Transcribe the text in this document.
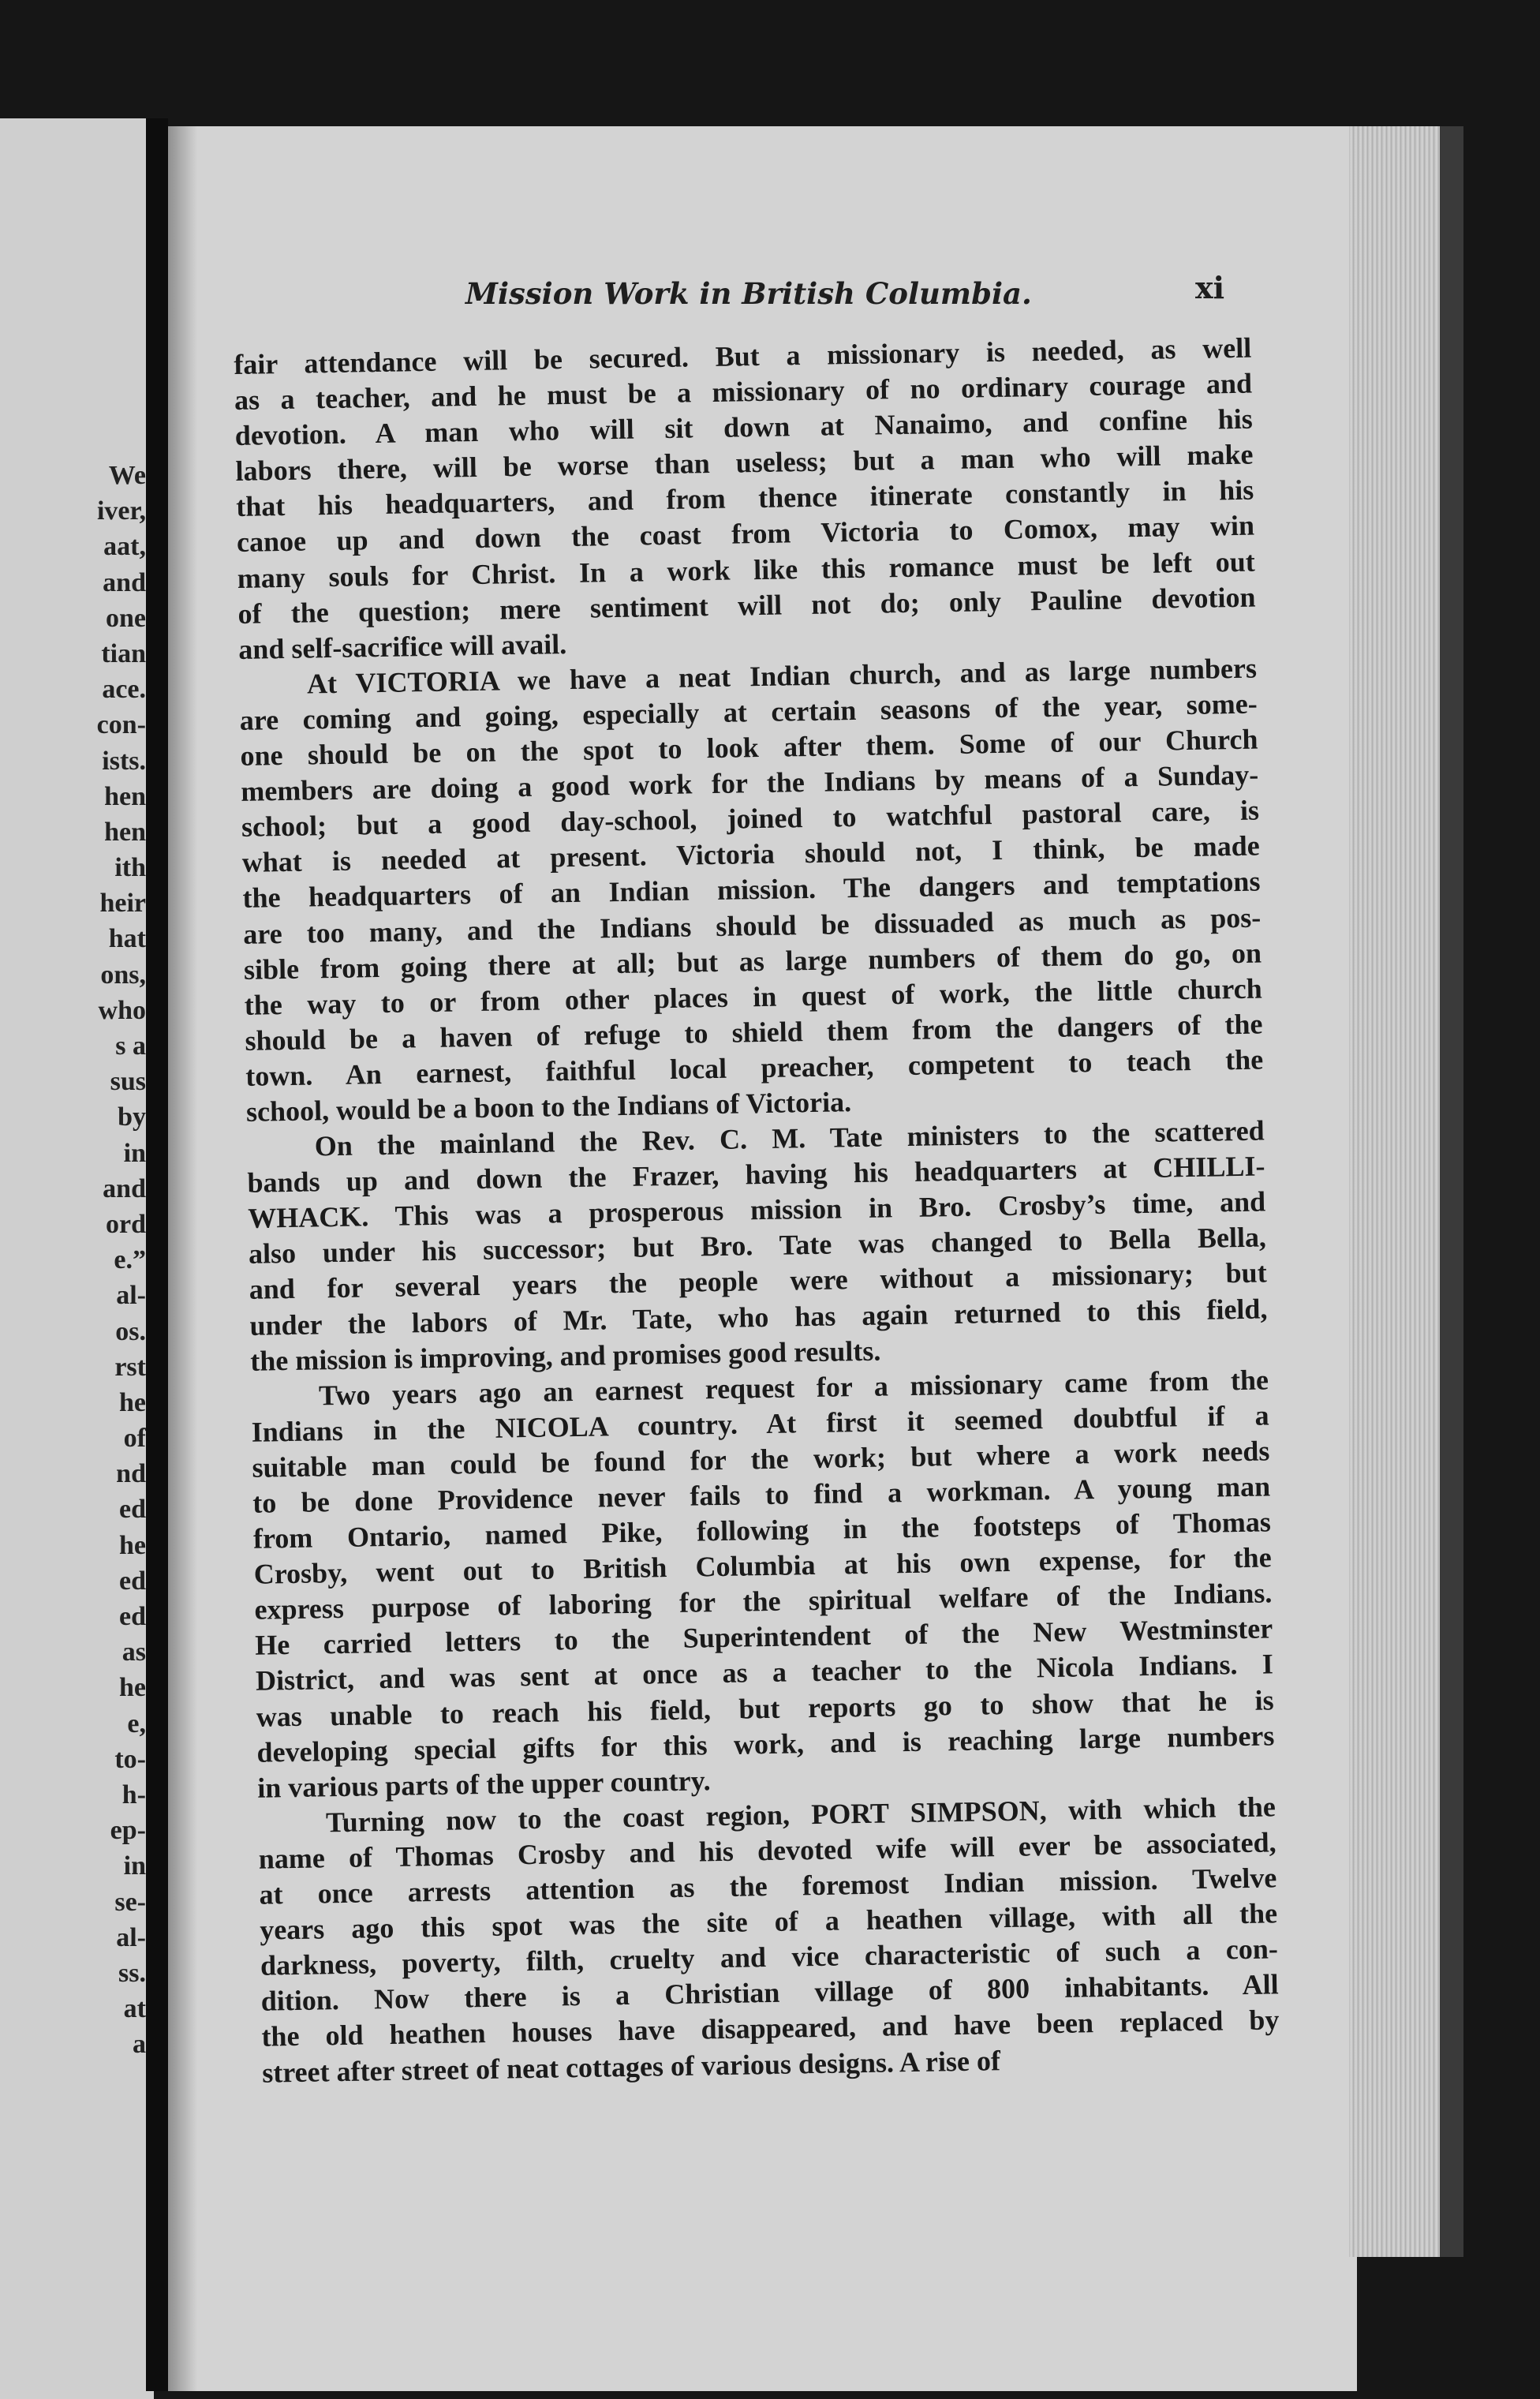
We
iver,
aat,
and
one
tian
ace.
con-
ists.
hen
hen
ith
heir
hat
ons,
who
s a
sus
by
in
and
ord
e.”
al-
os.
rst
he
of
nd
ed
he
ed
ed
as
he
e,
to-
h-
ep-
in
se-
al-
ss.
at
a
Mission Work in British Columbia.	xi
fair attendance will be secured. But a missionary is needed, as well
as a teacher, and he must be a missionary of no ordinary courage and
devotion. A man who will sit down at Nanaimo, and confine his
labors there, will be worse than useless; but a man who will make
that his headquarters, and from thence itinerate constantly in his
canoe up and down the coast from Victoria to Comox, may win
many souls for Christ. In a work like this romance must be left out
of the question; mere sentiment will not do; only Pauline devotion
and self-sacrifice will avail.
At VICTORIA we have a neat Indian church, and as large numbers
are coming and going, especially at certain seasons of the year, some-
one should be on the spot to look after them. Some of our Church
members are doing a good work for the Indians by means of a Sunday-
school; but a good day-school, joined to watchful pastoral care, is
what is needed at present. Victoria should not, I think, be made
the headquarters of an Indian mission. The dangers and temptations
are too many, and the Indians should be dissuaded as much as pos-
sible from going there at all; but as large numbers of them do go, on
the way to or from other places in quest of work, the little church
should be a haven of refuge to shield them from the dangers of the
town. An earnest, faithful local preacher, competent to teach the
school, would be a boon to the Indians of Victoria.
On the mainland the Rev. C. M. Tate ministers to the scattered
bands up and down the Frazer, having his headquarters at CHILLI-
WHACK. This was a prosperous mission in Bro. Crosby’s time, and
also under his successor; but Bro. Tate was changed to Bella Bella,
and for several years the people were without a missionary; but
under the labors of Mr. Tate, who has again returned to this field,
the mission is improving, and promises good results.
Two years ago an earnest request for a missionary came from the
Indians in the NICOLA country. At first it seemed doubtful if a
suitable man could be found for the work; but where a work needs
to be done Providence never fails to find a workman. A young man
from Ontario, named Pike, following in the footsteps of Thomas
Crosby, went out to British Columbia at his own expense, for the
express purpose of laboring for the spiritual welfare of the Indians.
He carried letters to the Superintendent of the New Westminster
District, and was sent at once as a teacher to the Nicola Indians. I
was unable to reach his field, but reports go to show that he is
developing special gifts for this work, and is reaching large numbers
in various parts of the upper country.
Turning now to the coast region, PORT SIMPSON, with which the
name of Thomas Crosby and his devoted wife will ever be associated,
at once arrests attention as the foremost Indian mission. Twelve
years ago this spot was the site of a heathen village, with all the
darkness, poverty, filth, cruelty and vice characteristic of such a con-
dition. Now there is a Christian village of 800 inhabitants. All
the old heathen houses have disappeared, and have been replaced by
street after street of neat cottages of various designs. A rise of
